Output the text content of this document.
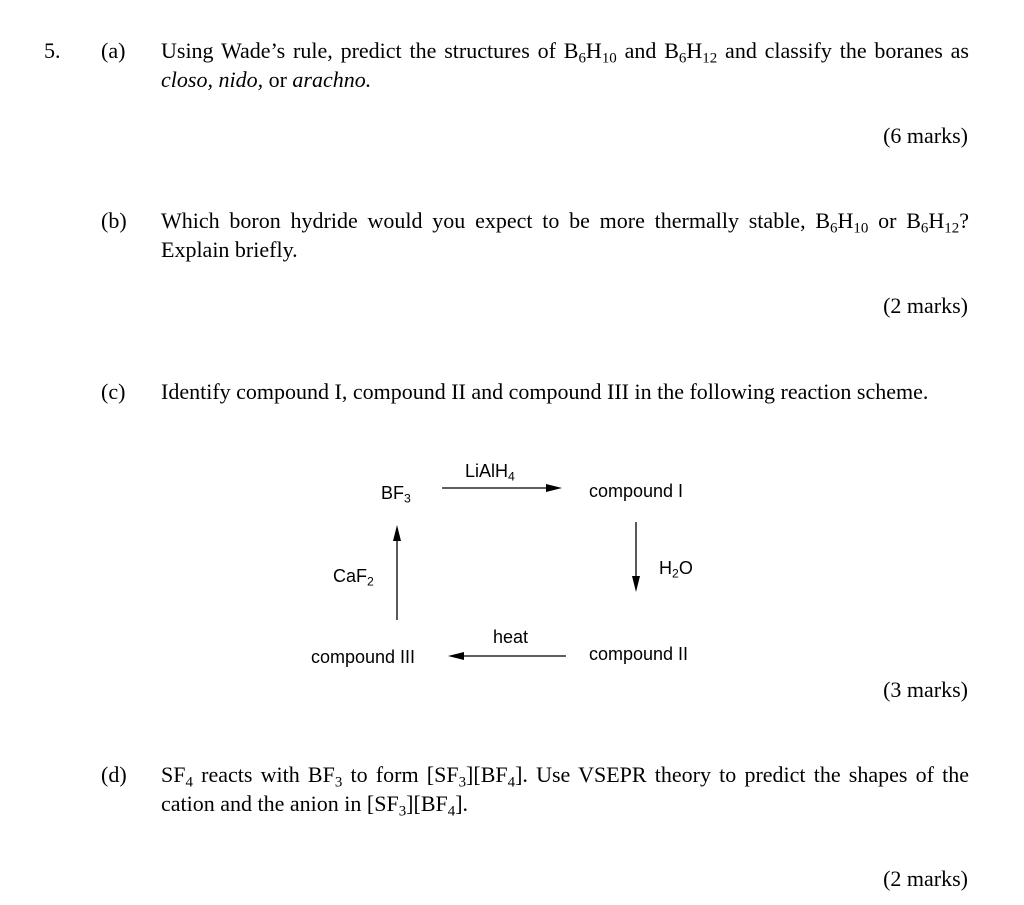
5. (a) Using Wade’s rule, predict the structures of $B_6H_{10}$ and $B_6H_{12}$ and classify the boranes as closo, nido, or arachno.
(6 marks)
(b) Which boron hydride would you expect to be more thermally stable, $B_6H_{10}$ or $B_6H_{12}$? Explain briefly.
(2 marks)
(c) Identify compound I, compound II and compound III in the following reaction scheme.
$BF_3$
LiAlH$_4$
compound I
$H_2O$
compound II
heat
compound III
CaF$_2$
(3 marks)
(d) $SF_4$ reacts with $BF_3$ to form $[SF_3][BF_4]$. Use VSEPR theory to predict the shapes of the cation and the anion in $[SF_3][BF_4]$.
(2 marks)
